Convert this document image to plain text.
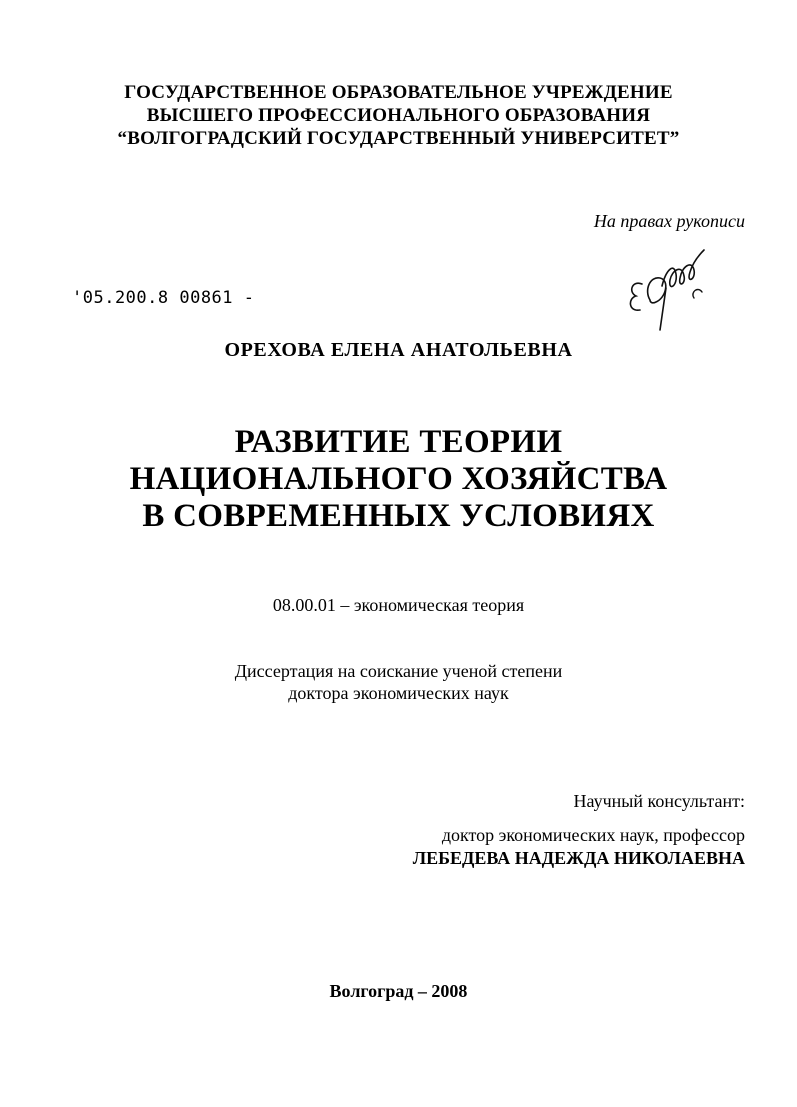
ГОСУДАРСТВЕННОЕ ОБРАЗОВАТЕЛЬНОЕ УЧРЕЖДЕНИЕ
ВЫСШЕГО ПРОФЕССИОНАЛЬНОГО ОБРАЗОВАНИЯ
“ВОЛГОГРАДСКИЙ ГОСУДАРСТВЕННЫЙ УНИВЕРСИТЕТ”
На правах рукописи
'05.200.8 00861 -
ОРЕХОВА ЕЛЕНА АНАТОЛЬЕВНА
РАЗВИТИЕ ТЕОРИИ
НАЦИОНАЛЬНОГО ХОЗЯЙСТВА
В СОВРЕМЕННЫХ УСЛОВИЯХ
08.00.01 – экономическая теория
Диссертация на соискание ученой степени
доктора экономических наук
Научный консультант:
доктор экономических наук, профессор
ЛЕБЕДЕВА НАДЕЖДА НИКОЛАЕВНА
Волгоград – 2008
